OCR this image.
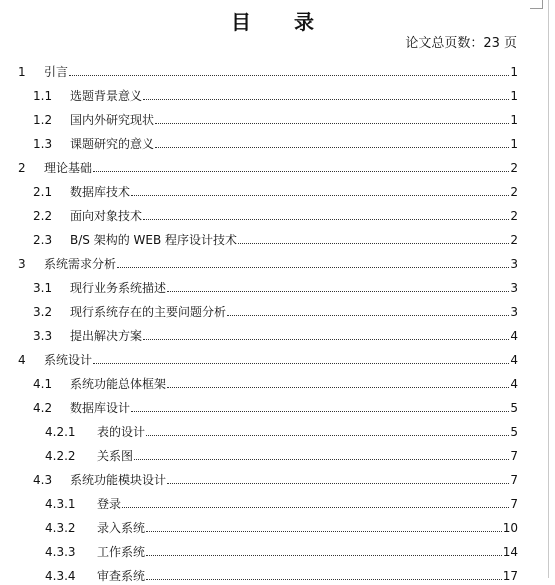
目 录
论文总页数：23 页
1	引言	1
1.1	选题背景意义	1
1.2	国内外研究现状	1
1.3	课题研究的意义	1
2	理论基础	2
2.1	数据库技术	2
2.2	面向对象技术	2
2.3	B/S 架构的 WEB 程序设计技术	2
3	系统需求分析	3
3.1	现行业务系统描述	3
3.2	现行系统存在的主要问题分析	3
3.3	提出解决方案	4
4	系统设计	4
4.1	系统功能总体框架	4
4.2	数据库设计	5
4.2.1	表的设计	5
4.2.2	关系图	7
4.3	系统功能模块设计	7
4.3.1	登录	7
4.3.2	录入系统	10
4.3.3	工作系统	14
4.3.4	审查系统	17
